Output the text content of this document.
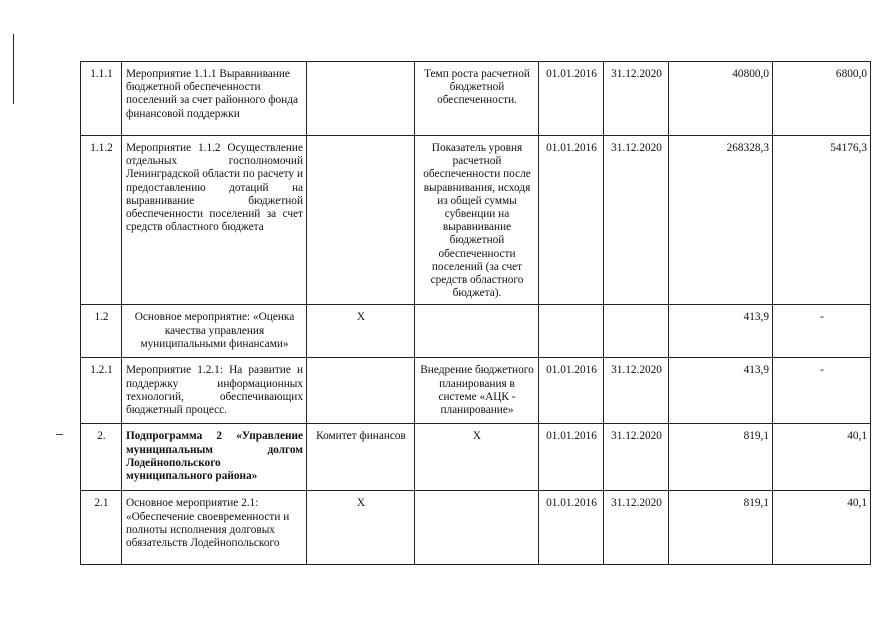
1.1.1	Мероприятие 1.1.1 Выравнивание бюджетной обеспеченности поселений за счет районного фонда финансовой поддержки		Темп роста расчетной бюджетной обеспеченности.	01.01.2016	31.12.2020	40800,0	6800,0
1.1.2	Мероприятие 1.1.2 Осуществление отдельных госполномочий Ленинградской области по расчету и предоставлению дотаций на выравнивание бюджетной обеспеченности поселений за счет средств областного бюджета		Показатель уровня расчетной обеспеченности после выравнивания, исходя из общей суммы субвенции на выравнивание бюджетной обеспеченности поселений (за счет средств областного бюджета).	01.01.2016	31.12.2020	268328,3	54176,3
1.2	Основное мероприятие: «Оценка качества управления муниципальными финансами»	Х				413,9	-
1.2.1	Мероприятие 1.2.1: На развитие и поддержку информационных технологий, обеспечивающих бюджетный процесс.		Внедрение бюджетного планирования в системе «АЦК - планирование»	01.01.2016	31.12.2020	413,9	-
2.	Подпрограмма 2 «Управление муниципальным долгом Лодейнопольского муниципального района»	Комитет финансов	Х	01.01.2016	31.12.2020	819,1	40,1
2.1	Основное мероприятие 2.1: «Обеспечение своевременности и полноты исполнения долговых обязательств Лодейнопольского	Х		01.01.2016	31.12.2020	819,1	40,1
